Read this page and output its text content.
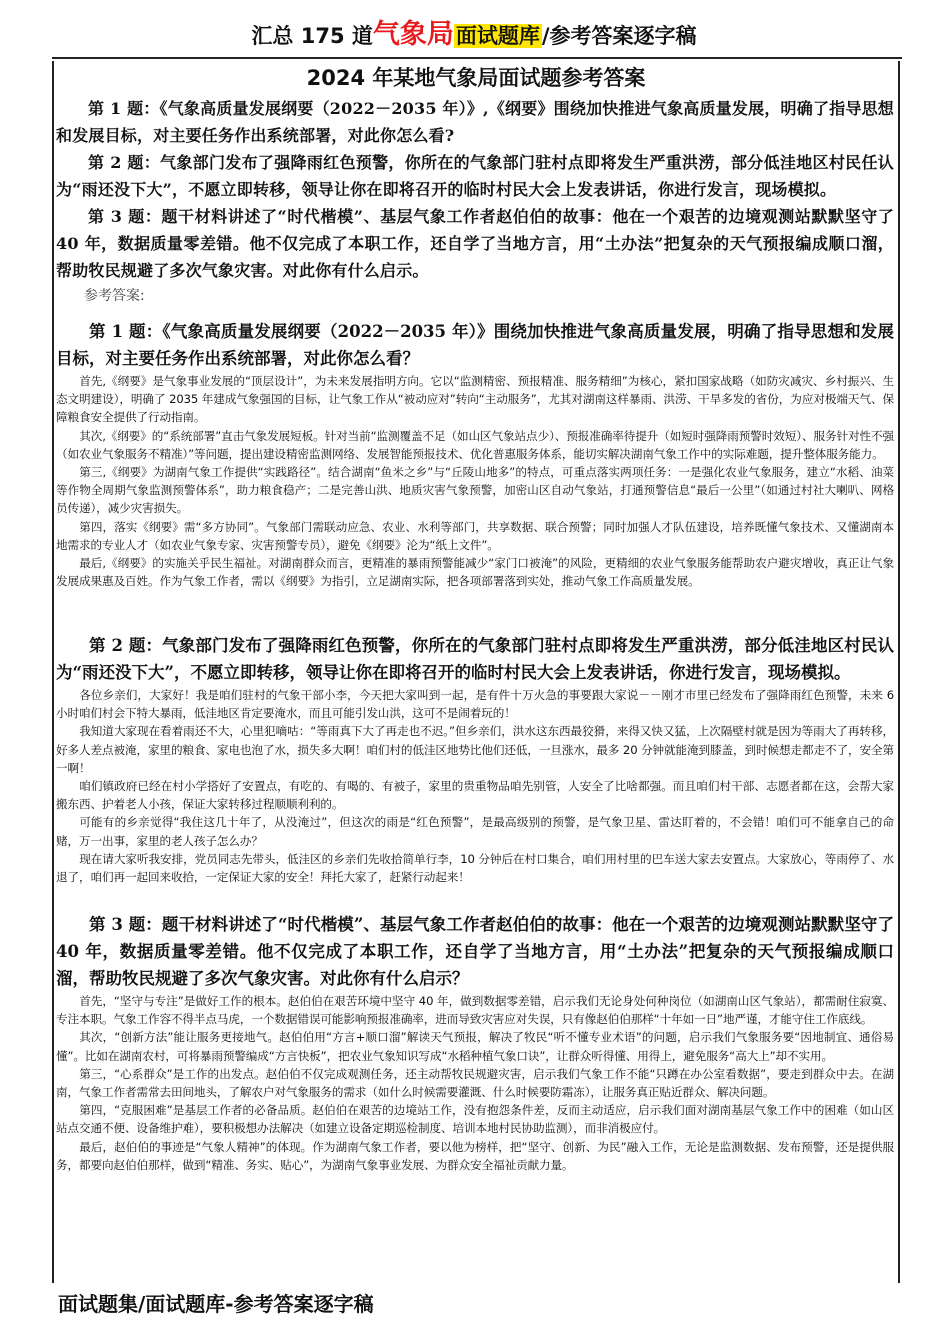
汇总 175 道气象局面试题库/参考答案逐字稿
2024 年某地气象局面试题参考答案

第 1 题：《气象高质量发展纲要（2022－2035 年）》,《纲要》围绕加快推进气象高质量发展，明确了指导思想和发展目标，对主要任务作出系统部署，对此你怎么看?

第 2 题：气象部门发布了强降雨红色预警，你所在的气象部门驻村点即将发生严重洪涝，部分低洼地区村民任认为“雨还没下大”，不愿立即转移，领导让你在即将召开的临时村民大会上发表讲话，你进行发言，现场模拟。

第 3 题：题干材料讲述了“时代楷模”、基层气象工作者赵伯伯的故事：他在一个艰苦的边境观测站默默坚守了 40 年，数据质量零差错。他不仅完成了本职工作，还自学了当地方言，用“土办法”把复杂的天气预报编成顺口溜，帮助牧民规避了多次气象灾害。对此你有什么启示。

参考答案:

第 1 题：《气象高质量发展纲要（2022－2035 年）》围绕加快推进气象高质量发展，明确了指导思想和发展目标，对主要任务作出系统部署，对此你怎么看？

首先,《纲要》是气象事业发展的“顶层设计”，为未来发展指明方向。它以“监测精密、预报精准、服务精细”为核心，紧扣国家战略（如防灾减灾、乡村振兴、生态文明建设），明确了 2035 年建成气象强国的目标，让气象工作从“被动应对”转向“主动服务”，尤其对湖南这样暴雨、洪涝、干旱多发的省份，为应对极端天气、保障粮食安全提供了行动指南。

其次,《纲要》的“系统部署”直击气象发展短板。针对当前“监测覆盖不足（如山区气象站点少）、预报准确率待提升（如短时强降雨预警时效短）、服务针对性不强（如农业气象服务不精准）”等问题，提出建设精密监测网络、发展智能预报技术、优化普惠服务体系，能切实解决湖南气象工作中的实际难题，提升整体服务能力。

第三,《纲要》为湖南气象工作提供“实践路径”。结合湖南“鱼米之乡”与“丘陵山地多”的特点，可重点落实两项任务：一是强化农业气象服务，建立“水稻、油菜等作物全周期气象监测预警体系”，助力粮食稳产；二是完善山洪、地质灾害气象预警，加密山区自动气象站，打通预警信息“最后一公里”（如通过村社大喇叭、网格员传递），减少灾害损失。

第四，落实《纲要》需“多方协同”。气象部门需联动应急、农业、水利等部门，共享数据、联合预警；同时加强人才队伍建设，培养既懂气象技术、又懂湖南本地需求的专业人才（如农业气象专家、灾害预警专员），避免《纲要》沦为“纸上文件”。

最后,《纲要》的实施关乎民生福祉。对湖南群众而言，更精准的暴雨预警能减少“家门口被淹”的风险，更精细的农业气象服务能帮助农户避灾增收，真正让气象发展成果惠及百姓。作为气象工作者，需以《纲要》为指引，立足湖南实际，把各项部署落到实处，推动气象工作高质量发展。

第 2 题：气象部门发布了强降雨红色预警，你所在的气象部门驻村点即将发生严重洪涝，部分低洼地区村民认为“雨还没下大”，不愿立即转移，领导让你在即将召开的临时村民大会上发表讲话，你进行发言，现场模拟。

各位乡亲们，大家好！我是咱们驻村的气象干部小李，今天把大家叫到一起，是有件十万火急的事要跟大家说－－刚才市里已经发布了强降雨红色预警，未来 6 小时咱们村会下特大暴雨，低洼地区肯定要淹水，而且可能引发山洪，这可不是闹着玩的！

我知道大家现在看着雨还不大，心里犯嘀咕：“等雨真下大了再走也不迟。”但乡亲们，洪水这东西最狡猾，来得又快又猛，上次隔壁村就是因为等雨大了再转移，好多人差点被淹，家里的粮食、家电也泡了水，损失多大啊！咱们村的低洼区地势比他们还低，一旦涨水，最多 20 分钟就能淹到膝盖，到时候想走都走不了，安全第一啊！

咱们镇政府已经在村小学搭好了安置点，有吃的、有喝的、有被子，家里的贵重物品咱先别管，人安全了比啥都强。而且咱们村干部、志愿者都在这，会帮大家搬东西、护着老人小孩，保证大家转移过程顺顺利利的。

可能有的乡亲觉得“我住这几十年了，从没淹过”，但这次的雨是“红色预警”，是最高级别的预警，是气象卫星、雷达盯着的，不会错！咱们可不能拿自己的命赌，万一出事，家里的老人孩子怎么办？

现在请大家听我安排，党员同志先带头，低洼区的乡亲们先收拾简单行李，10 分钟后在村口集合，咱们用村里的巴车送大家去安置点。大家放心，等雨停了、水退了，咱们再一起回来收拾，一定保证大家的安全！拜托大家了，赶紧行动起来！

第 3 题：题干材料讲述了“时代楷模”、基层气象工作者赵伯伯的故事：他在一个艰苦的边境观测站默默坚守了 40 年，数据质量零差错。他不仅完成了本职工作，还自学了当地方言，用“土办法”把复杂的天气预报编成顺口溜，帮助牧民规避了多次气象灾害。对此你有什么启示？

首先，“坚守与专注”是做好工作的根本。赵伯伯在艰苦环境中坚守 40 年，做到数据零差错，启示我们无论身处何种岗位（如湖南山区气象站），都需耐住寂寞、专注本职。气象工作容不得半点马虎，一个数据错误可能影响预报准确率，进而导致灾害应对失误，只有像赵伯伯那样“十年如一日”地严谨，才能守住工作底线。

其次，“创新方法”能让服务更接地气。赵伯伯用“方言+顺口溜”解读天气预报，解决了牧民“听不懂专业术语”的问题，启示我们气象服务要“因地制宜、通俗易懂”。比如在湖南农村，可将暴雨预警编成“方言快板”，把农业气象知识写成“水稻种植气象口诀”，让群众听得懂、用得上，避免服务“高大上”却不实用。

第三，“心系群众”是工作的出发点。赵伯伯不仅完成观测任务，还主动帮牧民规避灾害，启示我们气象工作不能“只蹲在办公室看数据”，要走到群众中去。在湖南，气象工作者需常去田间地头，了解农户对气象服务的需求（如什么时候需要灌溉、什么时候要防霜冻），让服务真正贴近群众、解决问题。

第四，“克服困难”是基层工作者的必备品质。赵伯伯在艰苦的边境站工作，没有抱怨条件差，反而主动适应，启示我们面对湖南基层气象工作中的困难（如山区站点交通不便、设备维护难），要积极想办法解决（如建立设备定期巡检制度、培训本地村民协助监测），而非消极应付。

最后，赵伯伯的事迹是“气象人精神”的体现。作为湖南气象工作者，要以他为榜样，把“坚守、创新、为民”融入工作，无论是监测数据、发布预警，还是提供服务，都要向赵伯伯那样，做到“精准、务实、贴心”，为湖南气象事业发展、为群众安全福祉贡献力量。

面试题集/面试题库-参考答案逐字稿
